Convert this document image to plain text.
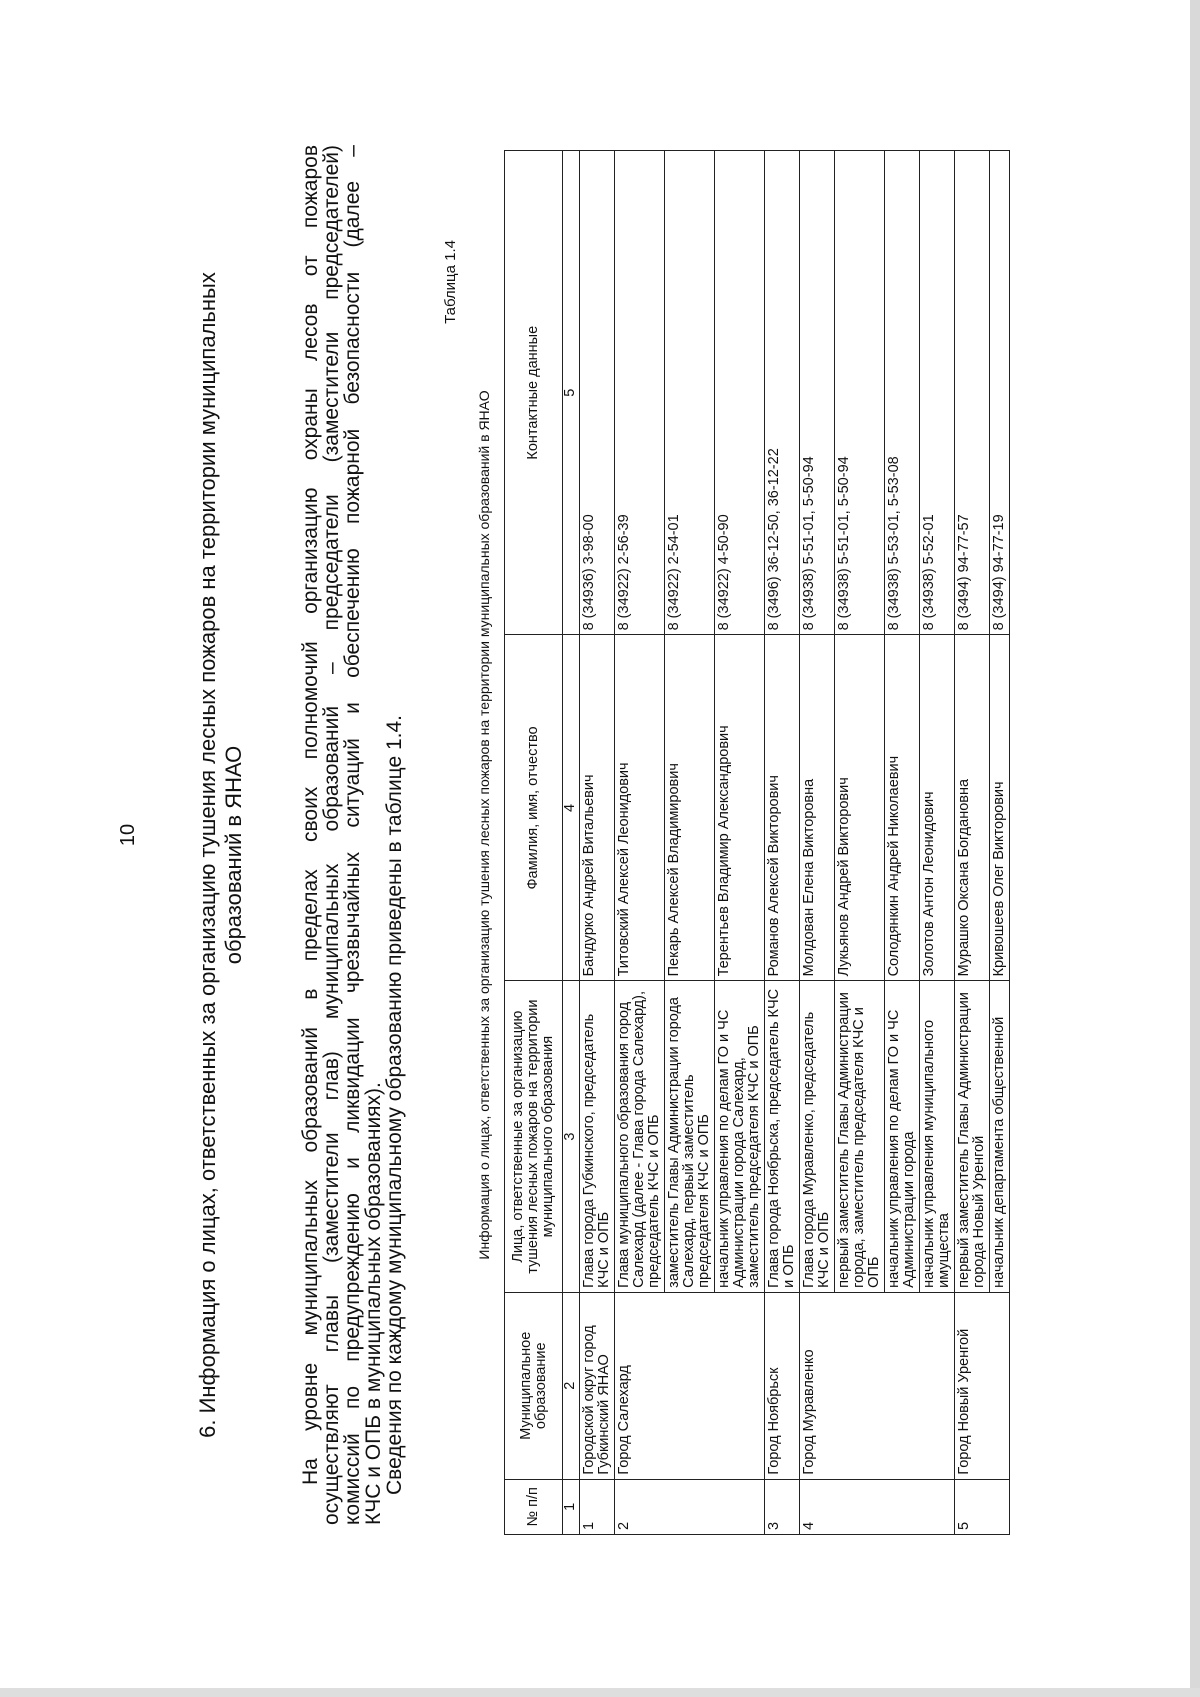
10	6. Информация о лицах, ответственных за организацию тушения лесных пожаров на территории муниципальных образований в ЯНАО	На уровне муниципальных образований в пределах своих полномочий организацию охраны лесов от пожаров
осуществляют главы (заместители глав) муниципальных образований – председатели (заместители председателей)
комиссий по предупреждению и ликвидации чрезвычайных ситуаций и обеспечению пожарной безопасности (далее –
КЧС и ОПБ в муниципальных образованиях).
Сведения по каждому муниципальному образованию приведены в таблице 1.4.
Таблица 1.4
Информация о лицах, ответственных за организацию тушения лесных пожаров на территории муниципальных образований в ЯНАО
№ п/п	Муниципальное образование	Лица, ответственные за организацию тушения лесных пожаров на территории муниципального образования	Фамилия, имя, отчество	Контактные данные
1	2	3	4	5
1	Городской округ город Губкинский ЯНАО	Глава города Губкинского, председатель КЧС и ОПБ	Бандурко Андрей Витальевич	8 (34936) 3-98-00
2	Город Салехард	Глава муниципального образования город Салехард (далее - Глава города Салехард), председатель КЧС и ОПБ	Титовский Алексей Леонидович	8 (34922) 2-56-39
		заместитель Главы Администрации города Салехард, первый заместитель председателя КЧС и ОПБ	Пекарь Алексей Владимирович	8 (34922) 2-54-01
		начальник управления по делам ГО и ЧС Администрации города Салехард, заместитель председателя КЧС и ОПБ	Терентьев Владимир Александрович	8 (34922) 4-50-90
3	Город Ноябрьск	Глава города Ноябрьска, председатель КЧС и ОПБ	Романов Алексей Викторович	8 (3496) 36-12-50, 36-12-22
4	Город Муравленко	Глава города Муравленко, председатель КЧС и ОПБ	Молдован Елена Викторовна	8 (34938) 5-51-01, 5-50-94
		первый заместитель Главы Администрации города, заместитель председателя КЧС и ОПБ	Лукьянов Андрей Викторович	8 (34938) 5-51-01, 5-50-94
		начальник управления по делам ГО и ЧС Администрации города	Солодянкин Андрей Николаевич	8 (34938) 5-53-01, 5-53-08
		начальник управления муниципального имущества	Золотов Антон Леонидович	8 (34938) 5-52-01
5	Город Новый Уренгой	первый заместитель Главы Администрации города Новый Уренгой	Мурашко Оксана Богдановна	8 (3494) 94-77-57
		начальник департамента общественной	Кривошеев Олег Викторович	8 (3494) 94-77-19
